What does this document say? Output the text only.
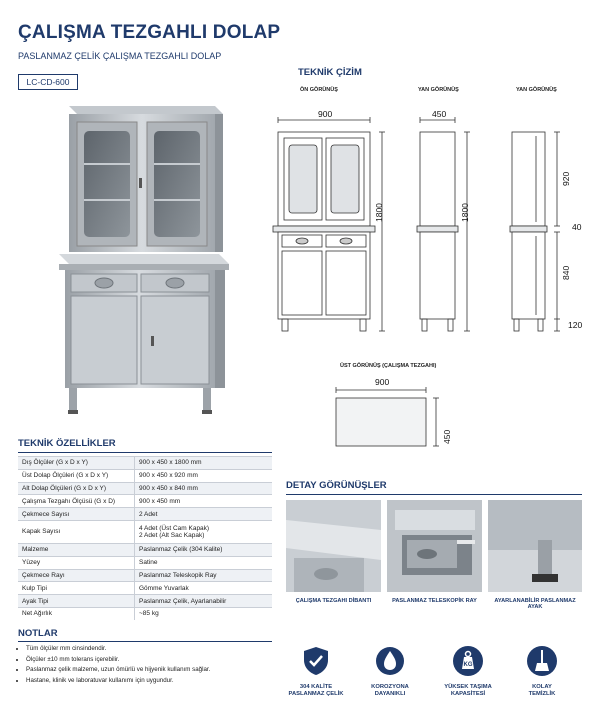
ÇALIŞMA TEZGAHLI DOLAP
PASLANMAZ ÇELİK ÇALIŞMA TEZGAHLI DOLAP
LC-CD-600
TEKNİK ÇİZİM
ÖN GÖRÜNÜŞ	YAN GÖRÜNÜŞ	YAN GÖRÜNÜŞ
900
1800
450
1800
920
40
840
120
ÜST GÖRÜNÜŞ (ÇALIŞMA TEZGAHI)
900
450
TEKNİK ÖZELLİKLER
Dış Ölçüler (G x D x Y)	900 x 450 x 1800 mm
Üst Dolap Ölçüleri (G x D x Y)	900 x 450 x 920 mm
Alt Dolap Ölçüleri (G x D x Y)	900 x 450 x 840 mm
Çalışma Tezgahı Ölçüsü (G x D)	900 x 450 mm
Çekmece Sayısı	2 Adet
Kapak Sayısı	4 Adet (Üst Cam Kapak)
2 Adet (Alt Sac Kapak)

Malzeme	Paslanmaz Çelik (304 Kalite)
Yüzey	Satine
Çekmece Rayı	Paslanmaz Teleskopik Ray
Kulp Tipi	Gömme Yuvarlak
Ayak Tipi	Paslanmaz Çelik, Ayarlanabilir
Net Ağırlık	~85 kg
DETAY GÖRÜNÜŞLER
ÇALIŞMA TEZGAHI DİBANTI	PASLANMAZ TELESKOPİK RAY	AYARLANABİLİR PASLANMAZ AYAK
NOTLAR
• Tüm ölçüler mm cinsindendir.
• Ölçüler ±10 mm tolerans içerebilir.
• Paslanmaz çelik malzeme, uzun ömürlü ve hijyenik kullanım sağlar.
• Hastane, klinik ve laboratuvar kullanımı için uygundur.
KG
304 KALİTE
PASLANMAZ ÇELİK
KOROZYONA
DAYANIKLI
YÜKSEK TAŞIMA
KAPASİTESİ
KOLAY
TEMİZLİK
